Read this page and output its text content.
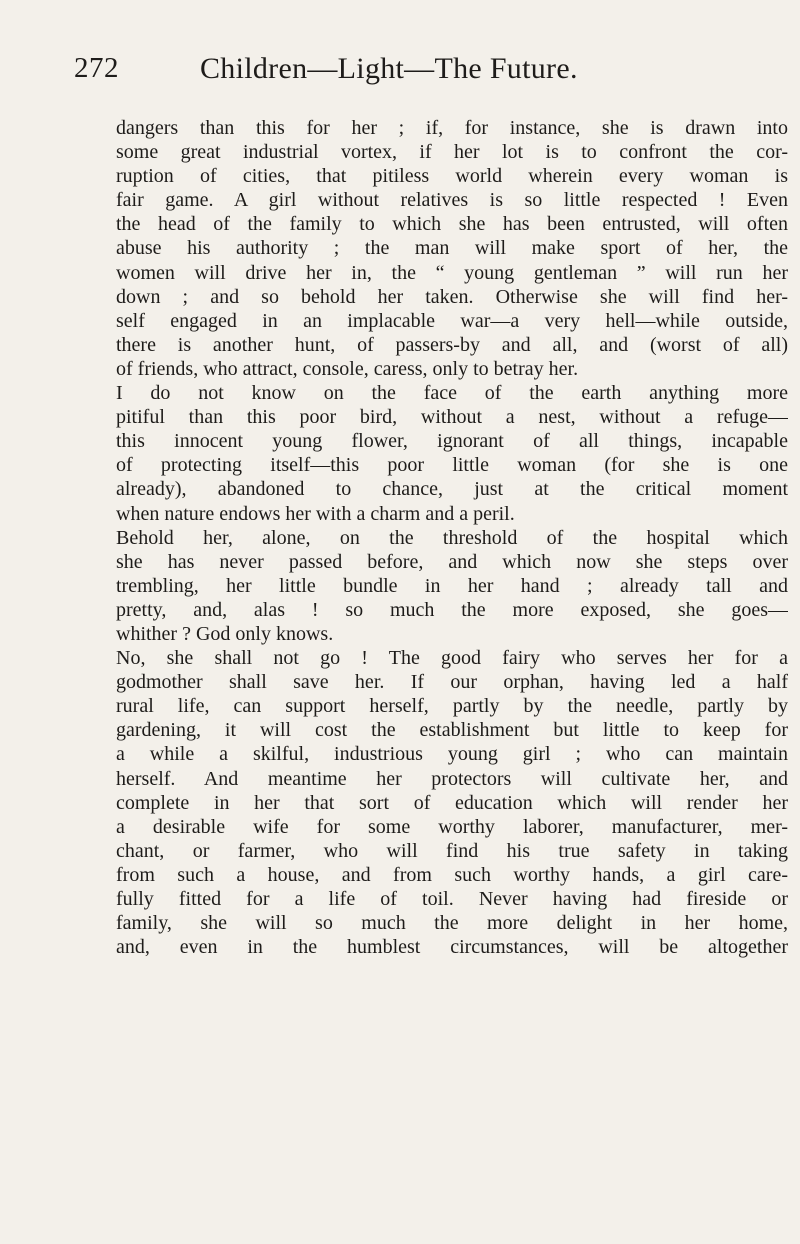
272	Children—Light—The Future.
dangers than this for her ; if, for instance, she is drawn into
some great industrial vortex, if her lot is to confront the cor-
ruption of cities, that pitiless world wherein every woman is
fair game. A girl without relatives is so little respected ! Even
the head of the family to which she has been entrusted, will often
abuse his authority ; the man will make sport of her, the
women will drive her in, the “ young gentleman ” will run her
down ; and so behold her taken. Otherwise she will find her-
self engaged in an implacable war—a very hell—while outside,
there is another hunt, of passers-by and all, and (worst of all)
of friends, who attract, console, caress, only to betray her.
I do not know on the face of the earth anything more
pitiful than this poor bird, without a nest, without a refuge—
this innocent young flower, ignorant of all things, incapable
of protecting itself—this poor little woman (for she is one
already), abandoned to chance, just at the critical moment
when nature endows her with a charm and a peril.
Behold her, alone, on the threshold of the hospital which
she has never passed before, and which now she steps over
trembling, her little bundle in her hand ; already tall and
pretty, and, alas ! so much the more exposed, she goes—
whither ? God only knows.
No, she shall not go ! The good fairy who serves her for a
godmother shall save her. If our orphan, having led a half
rural life, can support herself, partly by the needle, partly by
gardening, it will cost the establishment but little to keep for
a while a skilful, industrious young girl ; who can maintain
herself. And meantime her protectors will cultivate her, and
complete in her that sort of education which will render her
a desirable wife for some worthy laborer, manufacturer, mer-
chant, or farmer, who will find his true safety in taking
from such a house, and from such worthy hands, a girl care-
fully fitted for a life of toil. Never having had fireside or
family, she will so much the more delight in her home,
and, even in the humblest circumstances, will be altogether
